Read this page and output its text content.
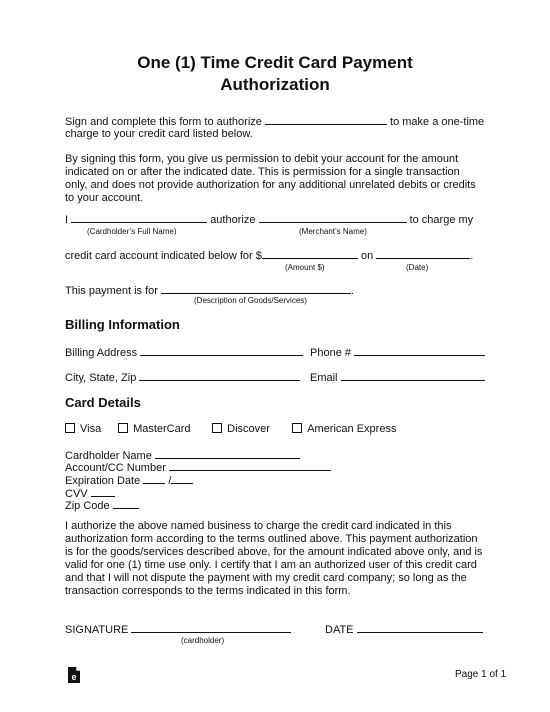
One (1) Time Credit Card Payment
Authorization
Sign and complete this form to authorize	to make a one-time
charge to your credit card listed below.
By signing this form, you give us permission to debit your account for the amount indicated on or after the indicated date. This is permission for a single transaction only, and does not provide authorization for any additional unrelated debits or credits to your account.
I	authorize	to charge my
(Cardholder’s Full Name)	(Merchant’s Name)
credit card account indicated below for $	on	.
(Amount $)	(Date)
This payment is for	.
(Description of Goods/Services)
Billing Information
Billing Address	Phone #
City, State, Zip	Email
Card Details
Visa	MasterCard	Discover	American Express
Cardholder Name
Account/CC Number
Expiration Date	/
CVV
Zip Code
I authorize the above named business to charge the credit card indicated in this authorization form according to the terms outlined above. This payment authorization is for the goods/services described above, for the amount indicated above only, and is valid for one (1) time use only. I certify that I am an authorized user of this credit card and that I will not dispute the payment with my credit card company; so long as the transaction corresponds to the terms indicated in this form.
SIGNATURE
(cardholder)
DATE
e	Page 1 of 1
